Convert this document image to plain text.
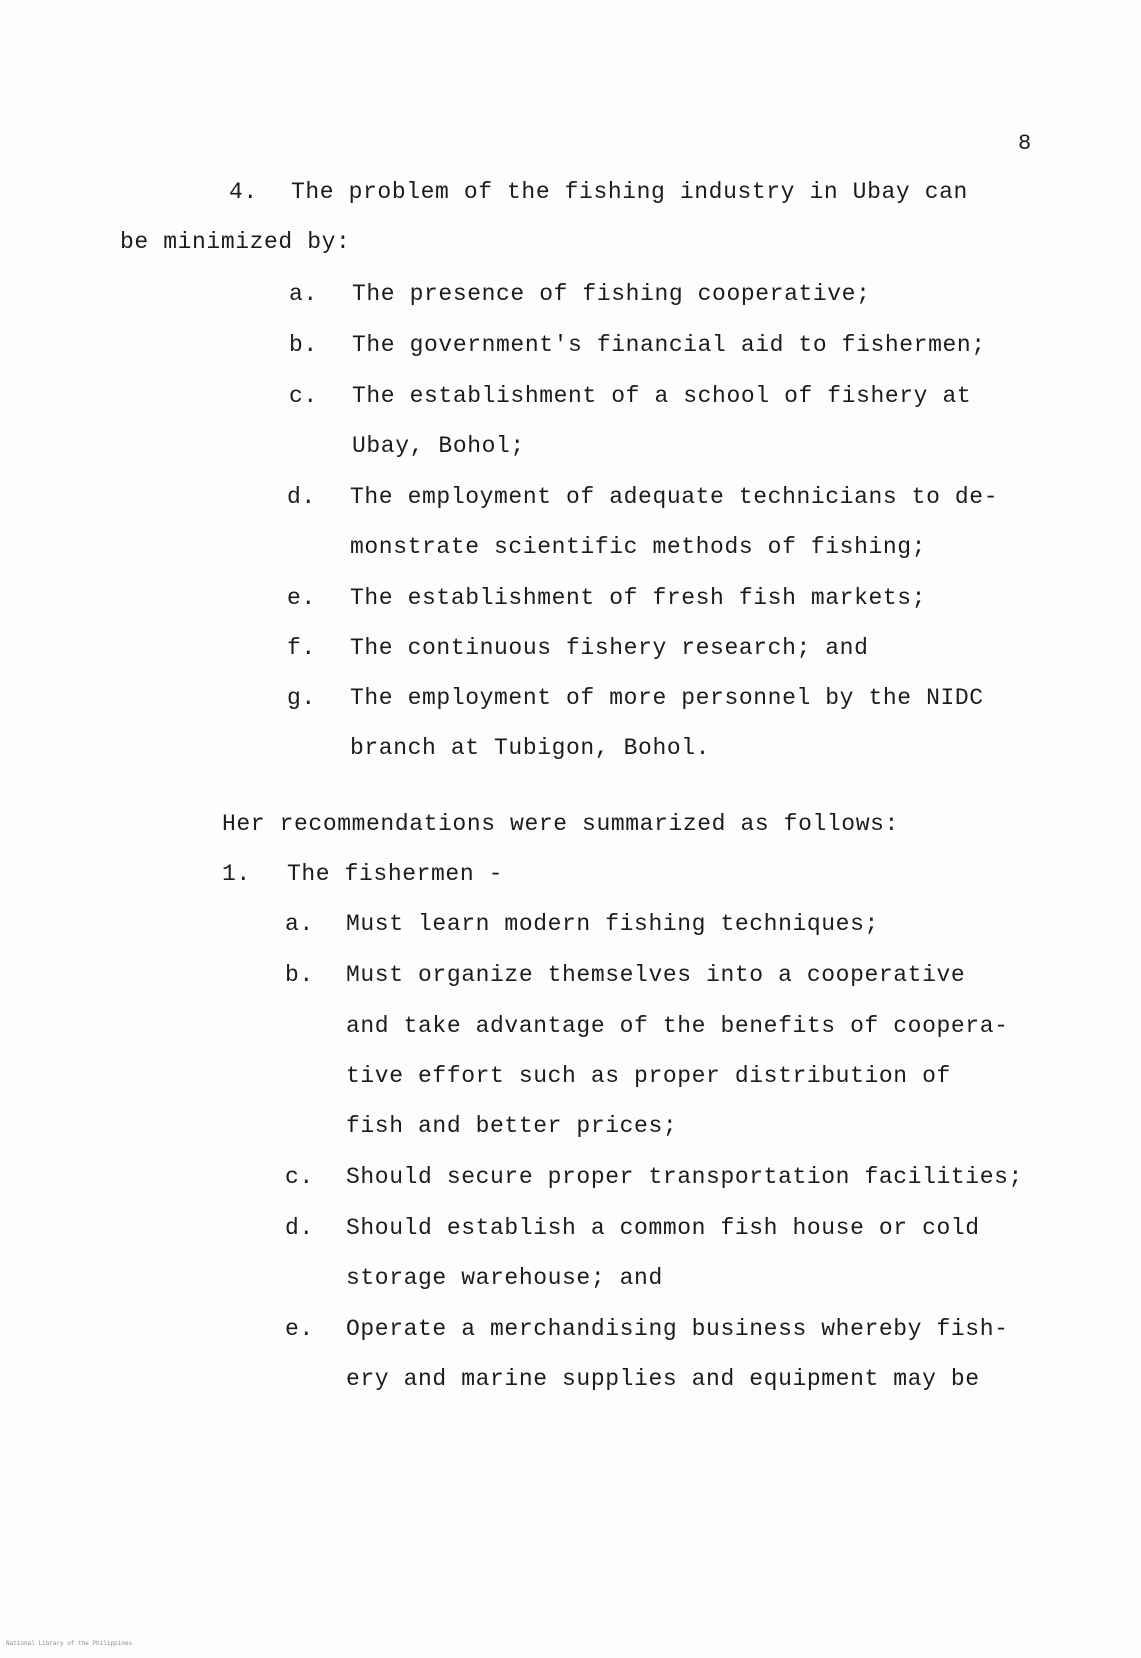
8
4. The problem of the fishing industry in Ubay can
be minimized by:
a. The presence of fishing cooperative;
b. The government's financial aid to fishermen;
c. The establishment of a school of fishery at
Ubay, Bohol;
d. The employment of adequate technicians to de-
monstrate scientific methods of fishing;
e. The establishment of fresh fish markets;
f. The continuous fishery research; and
g. The employment of more personnel by the NIDC
branch at Tubigon, Bohol.
Her recommendations were summarized as follows:
1. The fishermen -
a. Must learn modern fishing techniques;
b. Must organize themselves into a cooperative
and take advantage of the benefits of coopera-
tive effort such as proper distribution of
fish and better prices;
c. Should secure proper transportation facilities;
d. Should establish a common fish house or cold
storage warehouse; and
e. Operate a merchandising business whereby fish-
ery and marine supplies and equipment may be
National Library of the Philippines
